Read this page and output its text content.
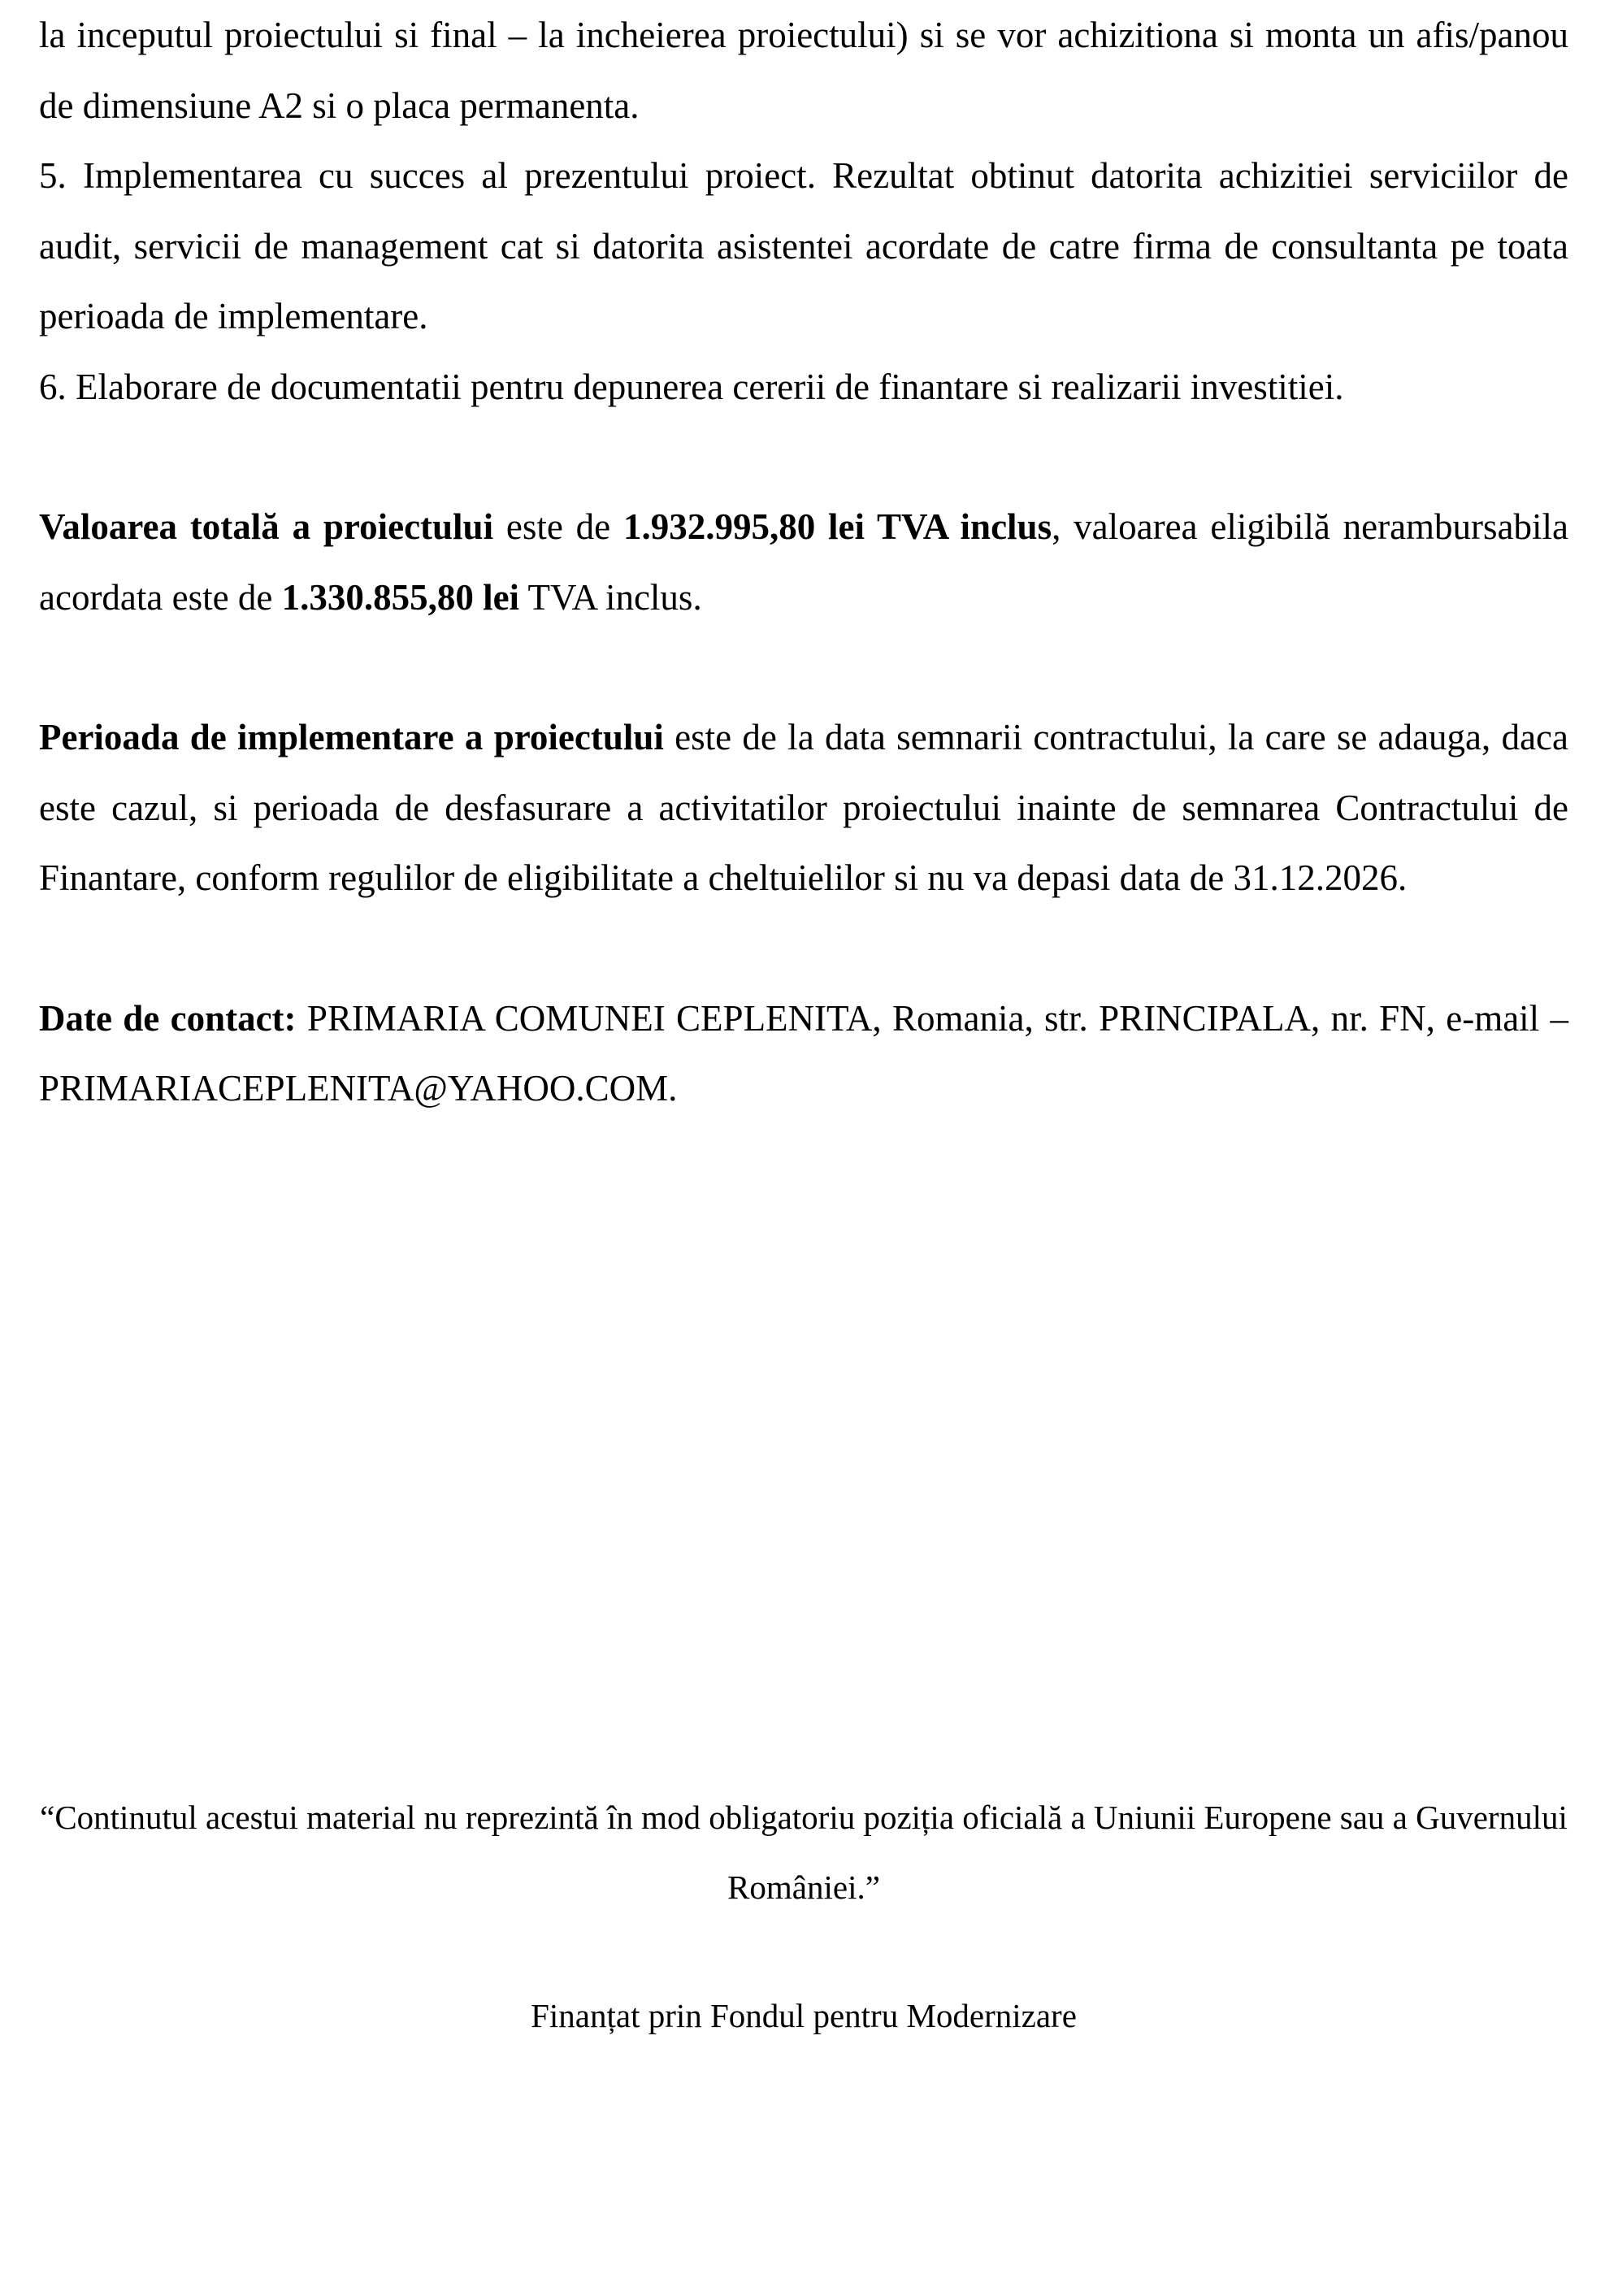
la inceputul proiectului si final – la incheierea proiectului) si se vor achizitiona si monta un afis/panou de dimensiune A2 si o placa permanenta.

5. Implementarea cu succes al prezentului proiect. Rezultat obtinut datorita achizitiei serviciilor de audit, servicii de management cat si datorita asistentei acordate de catre firma de consultanta pe toata perioada de implementare.

6. Elaborare de documentatii pentru depunerea cererii de finantare si realizarii investitiei.

Valoarea totală a proiectului este de 1.932.995,80 lei TVA inclus, valoarea eligibilă nerambursabila acordata este de 1.330.855,80 lei TVA inclus.

Perioada de implementare a proiectului este de la data semnarii contractului, la care se adauga, daca este cazul, si perioada de desfasurare a activitatilor proiectului inainte de semnarea Contractului de Finantare, conform regulilor de eligibilitate a cheltuielilor si nu va depasi data de 31.12.2026.

Date de contact: PRIMARIA COMUNEI CEPLENITA, Romania, str. PRINCIPALA, nr. FN, e-mail – PRIMARIACEPLENITA@YAHOO.COM.

“Continutul acestui material nu reprezintă în mod obligatoriu poziția oficială a Uniunii Europene sau a Guvernului României.”
Finanțat prin Fondul pentru Modernizare
